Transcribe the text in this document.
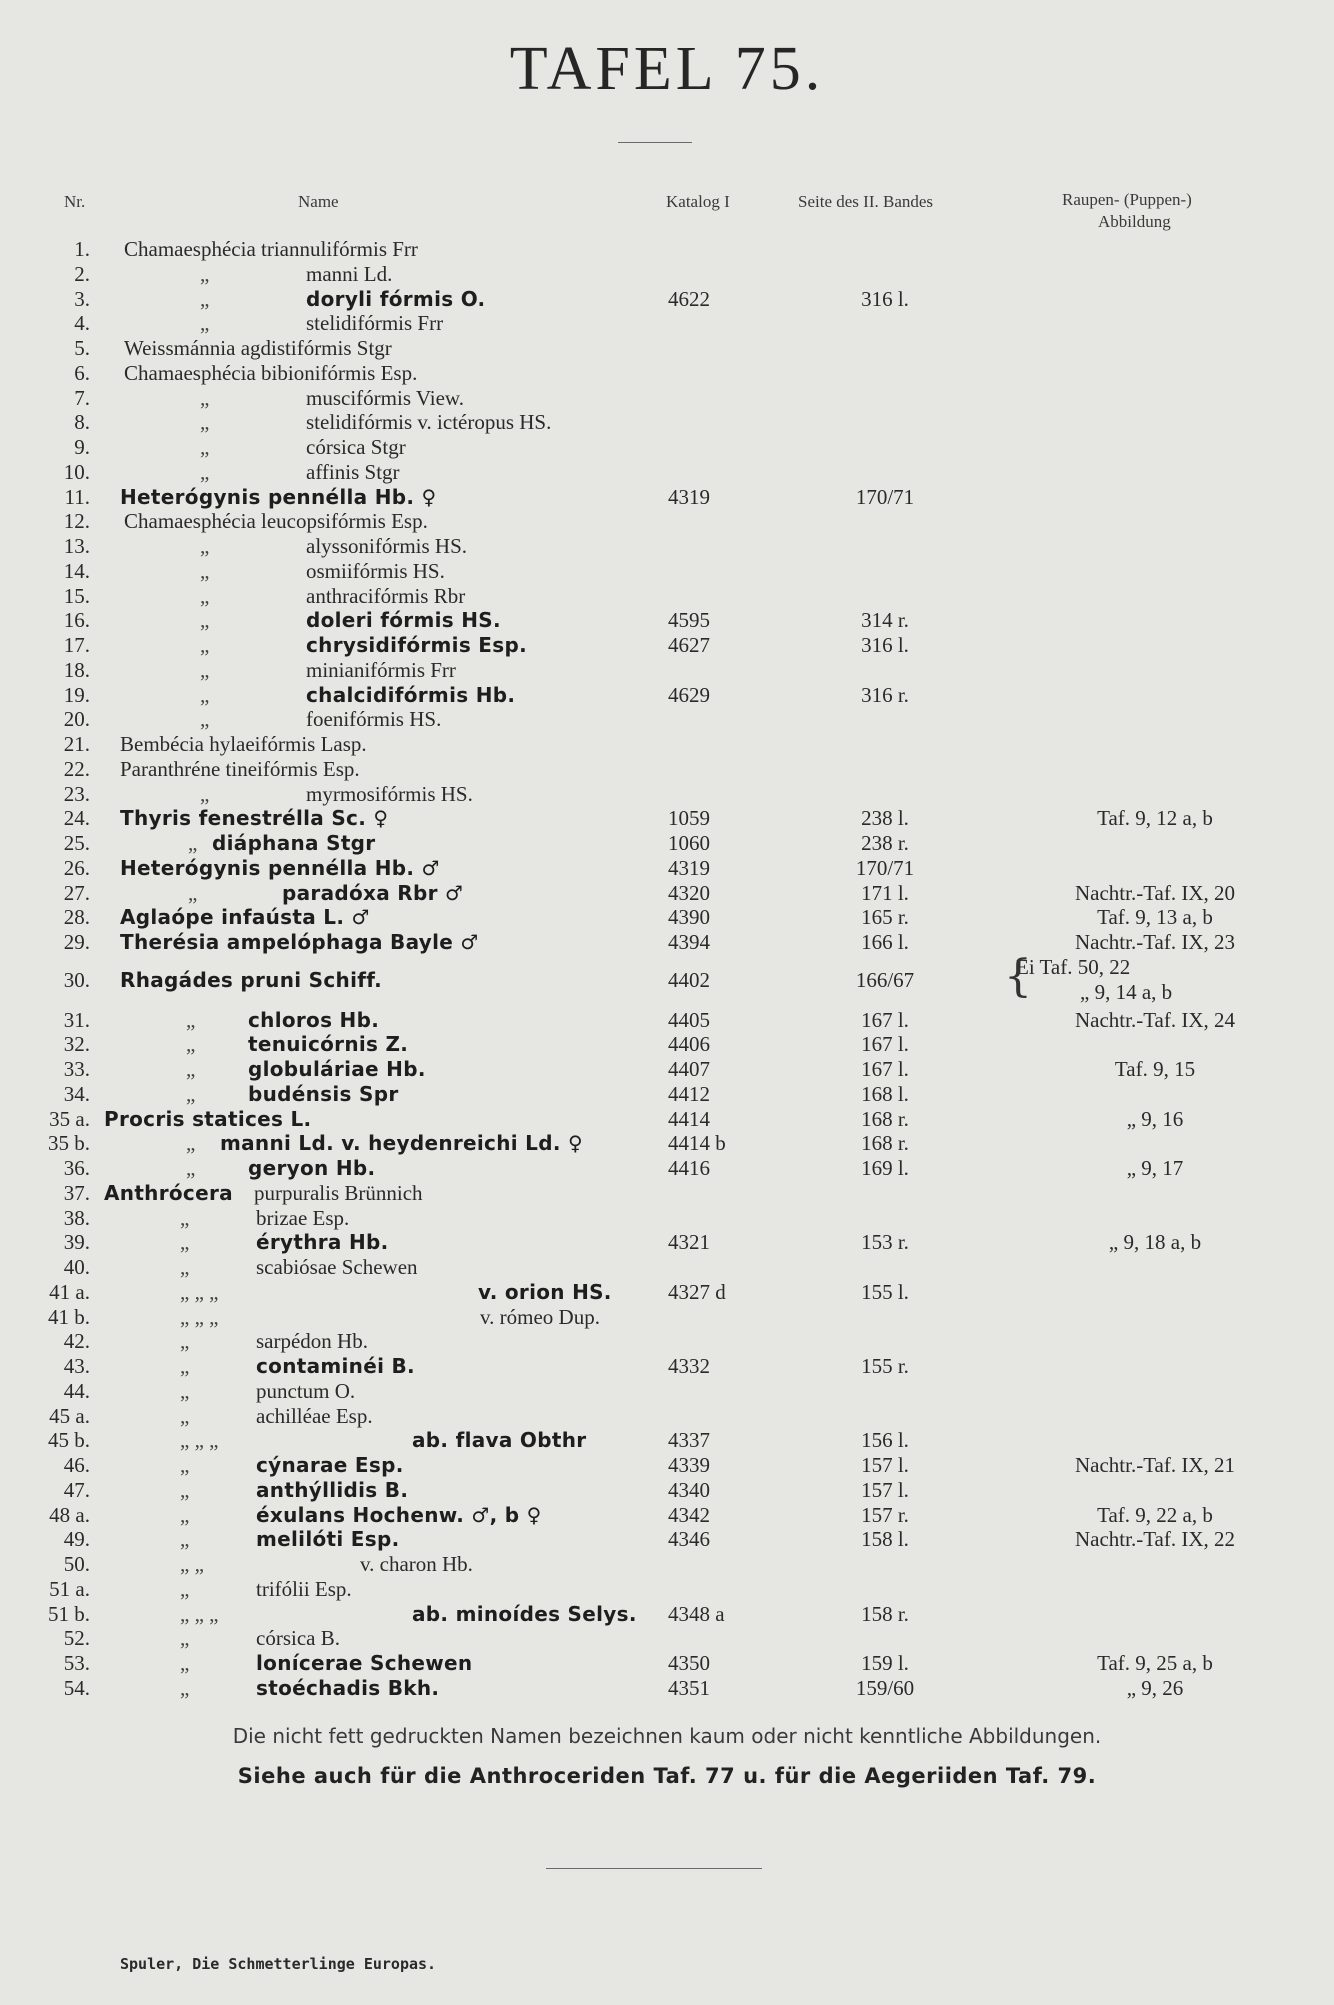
TAFEL 75.
Nr.	Name	Katalog I	Seite des II. Bandes	Raupen- (Puppen-)
Abbildung
1. Chamaesphécia triannulifórmis Frr
2.	„	manni Ld.
3.	„	doryli fórmis O.	4622	316 l.
4.	„	stelidifórmis Frr
5. Weissmánnia agdistifórmis Stgr
6. Chamaesphécia bibionifórmis Esp.
7.	„	muscifórmis View.
8.	„	stelidifórmis v. ictéropus HS.
9.	„	córsica Stgr
10.	„	affinis Stgr
11. Heterógynis pennélla Hb. ♀	4319	170/71
12. Chamaesphécia leucopsifórmis Esp.
13.	„	alyssonifórmis HS.
14.	„	osmiifórmis HS.
15.	„	anthracifórmis Rbr
16.	„	doleri fórmis HS.	4595	314 r.
17.	„	chrysidifórmis Esp.	4627	316 l.
18.	„	minianifórmis Frr
19.	„	chalcidifórmis Hb.	4629	316 r.
20.	„	foenifórmis HS.
21. Bembécia hylaeifórmis Lasp.
22. Paranthréne tineifórmis Esp.
23.	„	myrmosifórmis HS.
24. Thyris fenestrélla Sc. ♀	1059	238 l.	Taf. 9, 12 a, b
25.	„ diáphana Stgr	1060	238 r.
26. Heterógynis pennélla Hb. ♂	4319	170/71
27.	„	paradóxa Rbr ♂	4320	171 l.	Nachtr.-Taf. IX, 20
28. Aglaópe infaústa L. ♂	4390	165 r.	Taf. 9, 13 a, b
29. Therésia ampelóphaga Bayle ♂	4394	166 l.	Nachtr.-Taf. IX, 23
30. Rhagádes pruni Schiff.	4402	166/67
Ei Taf. 50, 22
„ 9, 14 a, b
31.	„	chloros Hb.	4405	167 l.	Nachtr.-Taf. IX, 24
32.	„	tenuicórnis Z.	4406	167 l.
33.	„	globuláriae Hb.	4407	167 l.	Taf. 9, 15
34.	„	budénsis Spr	4412	168 l.
35 a. Procris statices L.	4414	168 r.	„ 9, 16
35 b.	„ manni Ld. v. heydenreichi Ld. ♀	4414 b	168 r.
36.	„	geryon Hb.	4416	169 l.	„ 9, 17
37. Anthrócera purpuralis Brünnich
38.	„	brizae Esp.
39.	„	érythra Hb.	4321	153 r.	„ 9, 18 a, b
40.	„	scabiósae Schewen
41 a.	„ „ „	v. orion HS.	4327 d	155 l.
41 b.	„ „ „	v. rómeo Dup.
42.	„	sarpédon Hb.
43.	„	contaminéi B.	4332	155 r.
44.	„	punctum O.
45 a.	„	achilléae Esp.
45 b.	„ „ „	ab. flava Obthr	4337	156 l.
46.	„	cýnarae Esp.	4339	157 l.	Nachtr.-Taf. IX, 21
47.	„	anthýllidis B.	4340	157 l.
48 a.	„	éxulans Hochenw. ♂, b ♀	4342	157 r.	Taf. 9, 22 a, b
49.	„	melilóti Esp.	4346	158 l.	Nachtr.-Taf. IX, 22
50.	„ „	v. charon Hb.
51 a.	„	trifólii Esp.
51 b.	„ „ „	ab. minoídes Selys. 4348 a	158 r.
52.	„	córsica B.
53.	„	lonícerae Schewen	4350	159 l.	Taf. 9, 25 a, b
54.	„	stoéchadis Bkh.	4351	159/60	„ 9, 26
{
Die nicht fett gedruckten Namen bezeichnen kaum oder nicht kenntliche Abbildungen.
Siehe auch für die Anthroceriden Taf. 77 u. für die Aegeriiden Taf. 79.
Spuler, Die Schmetterlinge Europas.
